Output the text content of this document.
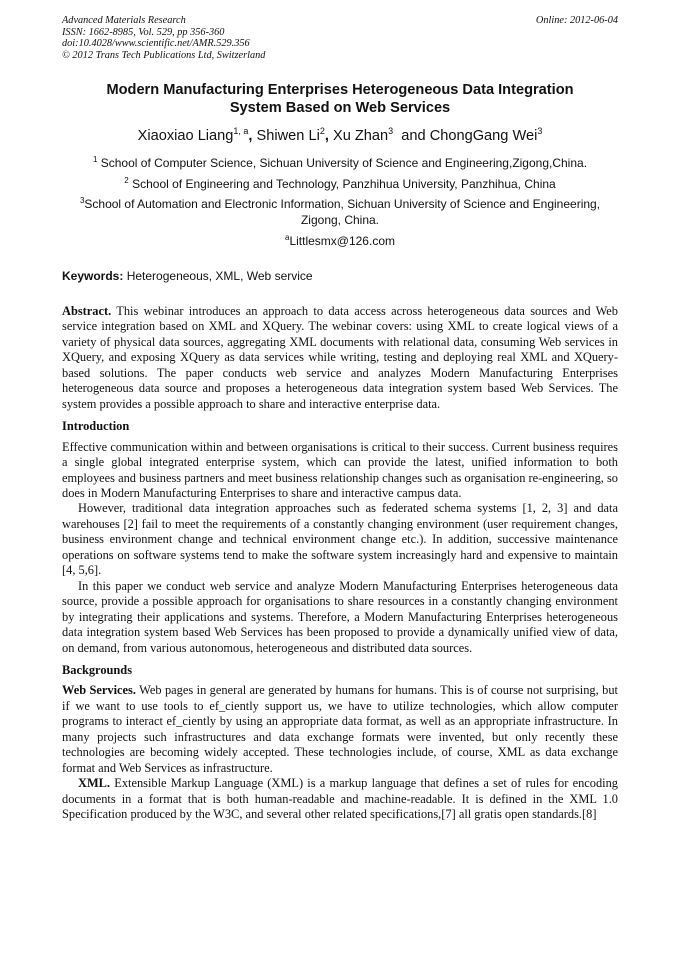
Advanced Materials Research
ISSN: 1662-8985, Vol. 529, pp 356-360
doi:10.4028/www.scientific.net/AMR.529.356
© 2012 Trans Tech Publications Ltd, Switzerland
Online: 2012-06-04
Modern Manufacturing Enterprises Heterogeneous Data Integration
System Based on Web Services
Xiaoxiao Liang$^{1, a}$, Shiwen Li$^2$, Xu Zhan$^3$ and ChongGang Wei$^3$
$^1$ School of Computer Science, Sichuan University of Science and Engineering,Zigong,China.
$^2$ School of Engineering and Technology, Panzhihua University, Panzhihua, China
$^3$School of Automation and Electronic Information, Sichuan University of Science and Engineering, Zigong, China.
$^a$Littlesmx@126.com
Keywords: Heterogeneous, XML, Web service

Abstract. This webinar introduces an approach to data access across heterogeneous data sources and Web service integration based on XML and XQuery. The webinar covers: using XML to create logical views of a variety of physical data sources, aggregating XML documents with relational data, consuming Web services in XQuery, and exposing XQuery as data services while writing, testing and deploying real XML and XQuery-based solutions. The paper conducts web service and analyzes Modern Manufacturing Enterprises heterogeneous data source and proposes a heterogeneous data integration system based Web Services. The system provides a possible approach to share and interactive enterprise data.

Introduction

Effective communication within and between organisations is critical to their success. Current business requires a single global integrated enterprise system, which can provide the latest, unified information to both employees and business partners and meet business relationship changes such as organisation re-engineering, so does in Modern Manufacturing Enterprises to share and interactive campus data.

However, traditional data integration approaches such as federated schema systems [1, 2, 3] and data warehouses [2] fail to meet the requirements of a constantly changing environment (user requirement changes, business environment change and technical environment change etc.). In addition, successive maintenance operations on software systems tend to make the software system increasingly hard and expensive to maintain [4, 5,6].

In this paper we conduct web service and analyze Modern Manufacturing Enterprises heterogeneous data source, provide a possible approach for organisations to share resources in a constantly changing environment by integrating their applications and systems. Therefore, a Modern Manufacturing Enterprises heterogeneous data integration system based Web Services has been proposed to provide a dynamically unified view of data, on demand, from various autonomous, heterogeneous and distributed data sources.

Backgrounds

Web Services. Web pages in general are generated by humans for humans. This is of course not surprising, but if we want to use tools to ef_ciently support us, we have to utilize technologies, which allow computer programs to interact ef_ciently by using an appropriate data format, as well as an appropriate infrastructure. In many projects such infrastructures and data exchange formats were invented, but only recently these technologies are becoming widely accepted. These technologies include, of course, XML as data exchange format and Web Services as infrastructure.

XML. Extensible Markup Language (XML) is a markup language that defines a set of rules for encoding documents in a format that is both human-readable and machine-readable. It is defined in the XML 1.0 Specification produced by the W3C, and several other related specifications,[7] all gratis open standards.[8]
